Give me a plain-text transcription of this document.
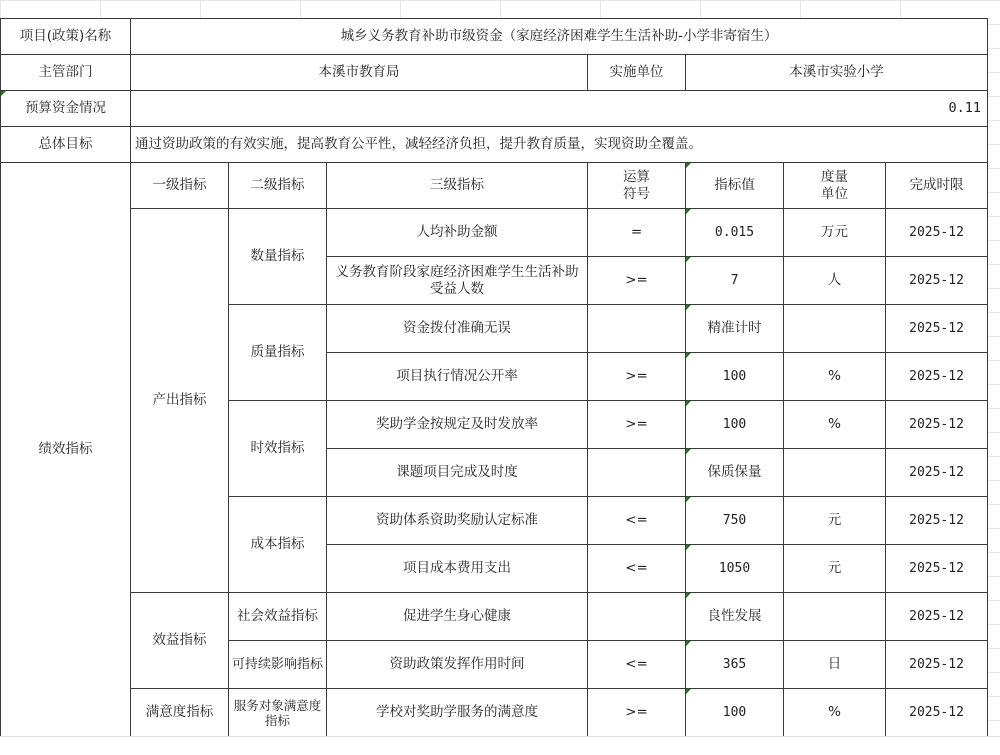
项目(政策)名称	城乡义务教育补助市级资金（家庭经济困难学生生活补助-小学非寄宿生）						
主管部门	本溪市教育局			实施单位	本溪市实验小学		

预算资金情况	0.11						
总体目标	通过资助政策的有效实施，提高教育公平性，减轻经济负担，提升教育质量，实现资助全覆盖。						
绩效指标	一级指标	二级指标	三级指标	运算符号	指标值	度量单位	完成时限
	产出指标	数量指标	人均补助金额	=	0.015	万元	2025-12
			义务教育阶段家庭经济困难学生生活补助受益人数	>=	7	人	2025-12
		质量指标	资金拨付准确无误		精准计时		2025-12
			项目执行情况公开率	>=	100	%	2025-12
		时效指标	奖助学金按规定及时发放率	>=	100	%	2025-12
			课题项目完成及时度		保质保量		2025-12
		成本指标	资助体系资助奖励认定标准	<=	750	元	2025-12
			项目成本费用支出	<=	1050	元	2025-12
	效益指标	社会效益指标	促进学生身心健康		良性发展		2025-12
		可持续影响指标	资助政策发挥作用时间	<=	365	日	2025-12
	满意度指标	服务对象满意度指标	学校对奖助学服务的满意度	>=	100	%	2025-12
